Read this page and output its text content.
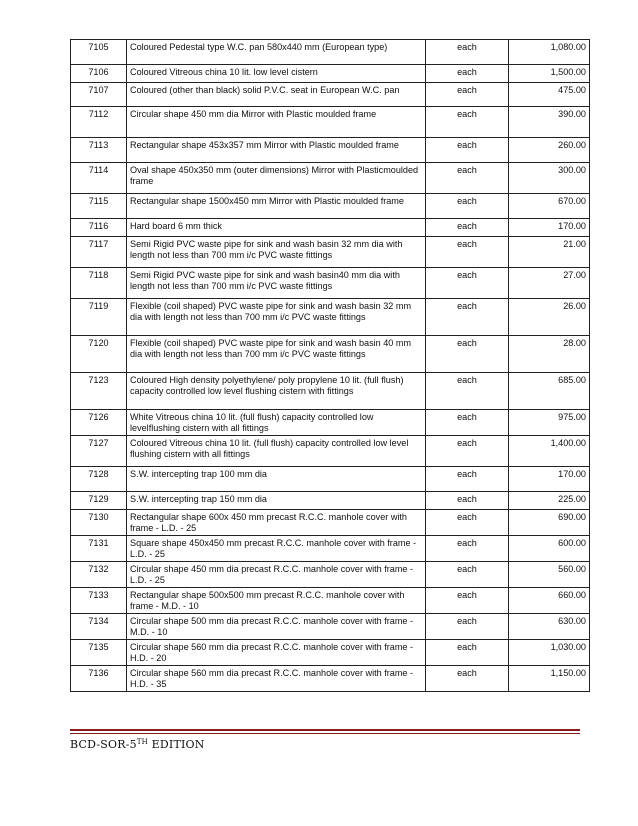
7105	Coloured Pedestal type W.C. pan 580x440 mm (European type)	each	1,080.00
7106	Coloured Vitreous china 10 lit. low level cistern	each	1,500.00
7107	Coloured (other than black) solid P.V.C. seat in European W.C. pan	each	475.00
7112	Circular shape 450 mm dia Mirror with Plastic moulded frame	each	390.00
7113	Rectangular shape 453x357 mm Mirror with Plastic moulded frame	each	260.00
7114	Oval shape 450x350 mm (outer dimensions) Mirror with Plasticmoulded frame	each	300.00
7115	Rectangular shape 1500x450 mm Mirror with Plastic moulded frame	each	670.00
7116	Hard board 6 mm thick	each	170.00
7117	Semi Rigid PVC waste pipe for sink and wash basin 32 mm dia with length not less than 700 mm i/c PVC waste fittings	each	21.00
7118	Semi Rigid PVC waste pipe for sink and wash basin40 mm dia with length not less than 700 mm i/c PVC waste fittings	each	27.00
7119	Flexible (coil shaped) PVC waste pipe for sink and wash basin 32 mm dia with length not less than 700 mm i/c PVC waste fittings	each	26.00
7120	Flexible (coil shaped) PVC waste pipe for sink and wash basin 40 mm dia with length not less than 700 mm i/c PVC waste fittings	each	28.00
7123	Coloured High density polyethylene/ poly propylene 10 lit. (full flush) capacity controlled low level flushing cistern with fittings	each	685.00
7126	White Vitreous china 10 lit. (full flush) capacity controlled low levelflushing cistern with all fittings	each	975.00
7127	Coloured Vitreous china 10 lit. (full flush) capacity controlled low level flushing cistern with all fittings	each	1,400.00
7128	S.W. intercepting trap 100 mm dia	each	170.00
7129	S.W. intercepting trap 150 mm dia	each	225.00
7130	Rectangular shape 600x 450 mm precast R.C.C. manhole cover with frame - L.D. - 25	each	690.00
7131	Square shape 450x450 mm precast R.C.C. manhole cover with frame - L.D. - 25	each	600.00
7132	Circular shape 450 mm dia precast R.C.C. manhole cover with frame - L.D. - 25	each	560.00
7133	Rectangular shape 500x500 mm precast R.C.C. manhole cover with frame - M.D. - 10	each	660.00
7134	Circular shape 500 mm dia precast R.C.C. manhole cover with frame - M.D. - 10	each	630.00
7135	Circular shape 560 mm dia precast R.C.C. manhole cover with frame - H.D. - 20	each	1,030.00
7136	Circular shape 560 mm dia precast R.C.C. manhole cover with frame - H.D. - 35	each	1,150.00
BCD-SOR-5TH EDITION
